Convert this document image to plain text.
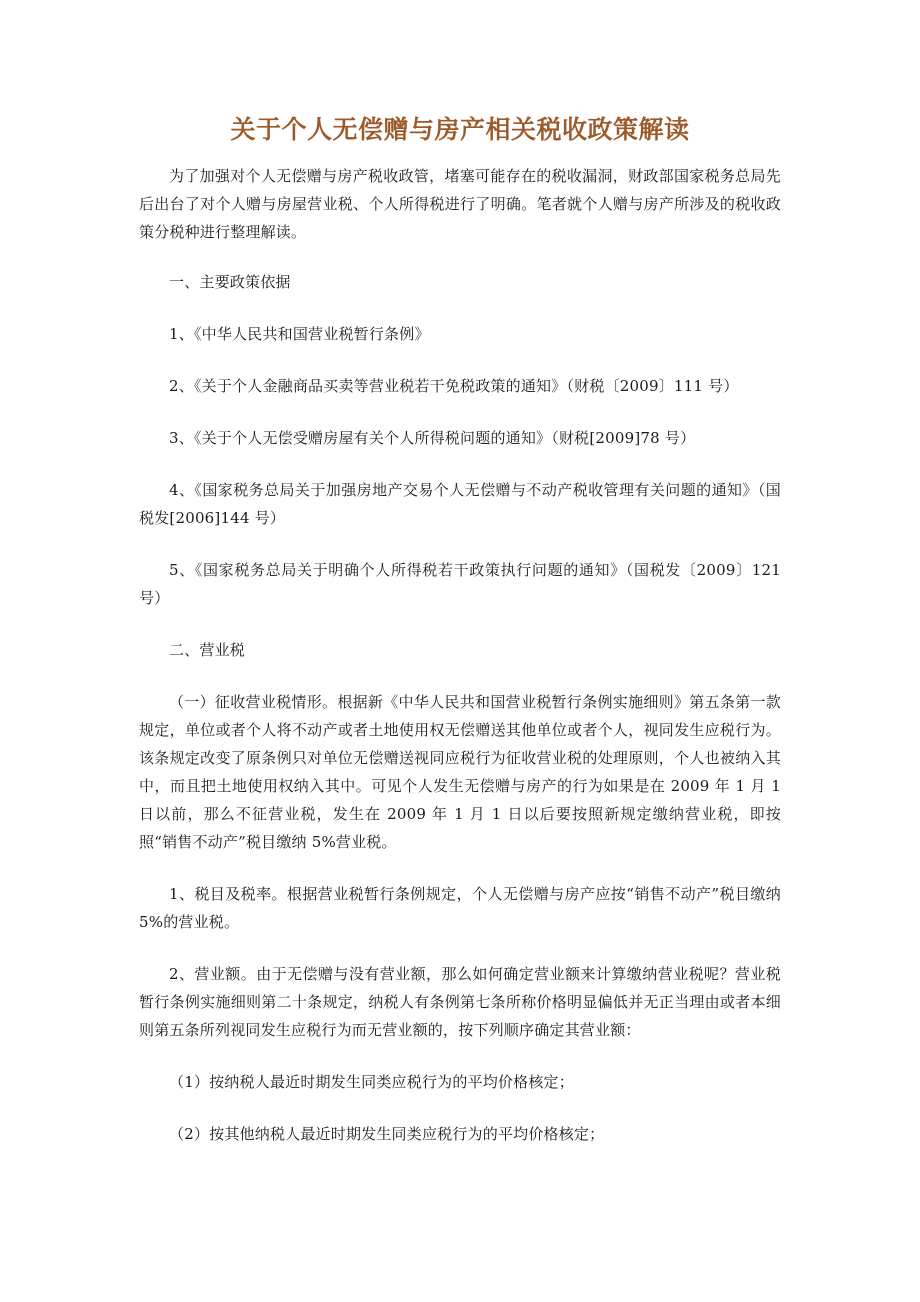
关于个人无偿赠与房产相关税收政策解读

为了加强对个人无偿赠与房产税收政管，堵塞可能存在的税收漏洞，财政部国家税务总局先后出台了对个人赠与房屋营业税、个人所得税进行了明确。笔者就个人赠与房产所涉及的税收政策分税种进行整理解读。

一、主要政策依据

1、《中华人民共和国营业税暂行条例》

2、《关于个人金融商品买卖等营业税若干免税政策的通知》（财税〔2009〕111 号）

3、《关于个人无偿受赠房屋有关个人所得税问题的通知》（财税[2009]78 号）

4、《国家税务总局关于加强房地产交易个人无偿赠与不动产税收管理有关问题的通知》（国税发[2006]144 号）

5、《国家税务总局关于明确个人所得税若干政策执行问题的通知》（国税发〔2009〕121 号）

二、营业税

（一）征收营业税情形。根据新《中华人民共和国营业税暂行条例实施细则》第五条第一款规定，单位或者个人将不动产或者土地使用权无偿赠送其他单位或者个人，视同发生应税行为。该条规定改变了原条例只对单位无偿赠送视同应税行为征收营业税的处理原则，个人也被纳入其中，而且把土地使用权纳入其中。可见个人发生无偿赠与房产的行为如果是在 2009 年 1 月 1 日以前，那么不征营业税，发生在 2009 年 1 月 1 日以后要按照新规定缴纳营业税，即按照“销售不动产”税目缴纳 5%营业税。

1、税目及税率。根据营业税暂行条例规定，个人无偿赠与房产应按“销售不动产”税目缴纳 5%的营业税。

2、营业额。由于无偿赠与没有营业额，那么如何确定营业额来计算缴纳营业税呢？营业税暂行条例实施细则第二十条规定，纳税人有条例第七条所称价格明显偏低并无正当理由或者本细则第五条所列视同发生应税行为而无营业额的，按下列顺序确定其营业额：

（1）按纳税人最近时期发生同类应税行为的平均价格核定；

（2）按其他纳税人最近时期发生同类应税行为的平均价格核定；
